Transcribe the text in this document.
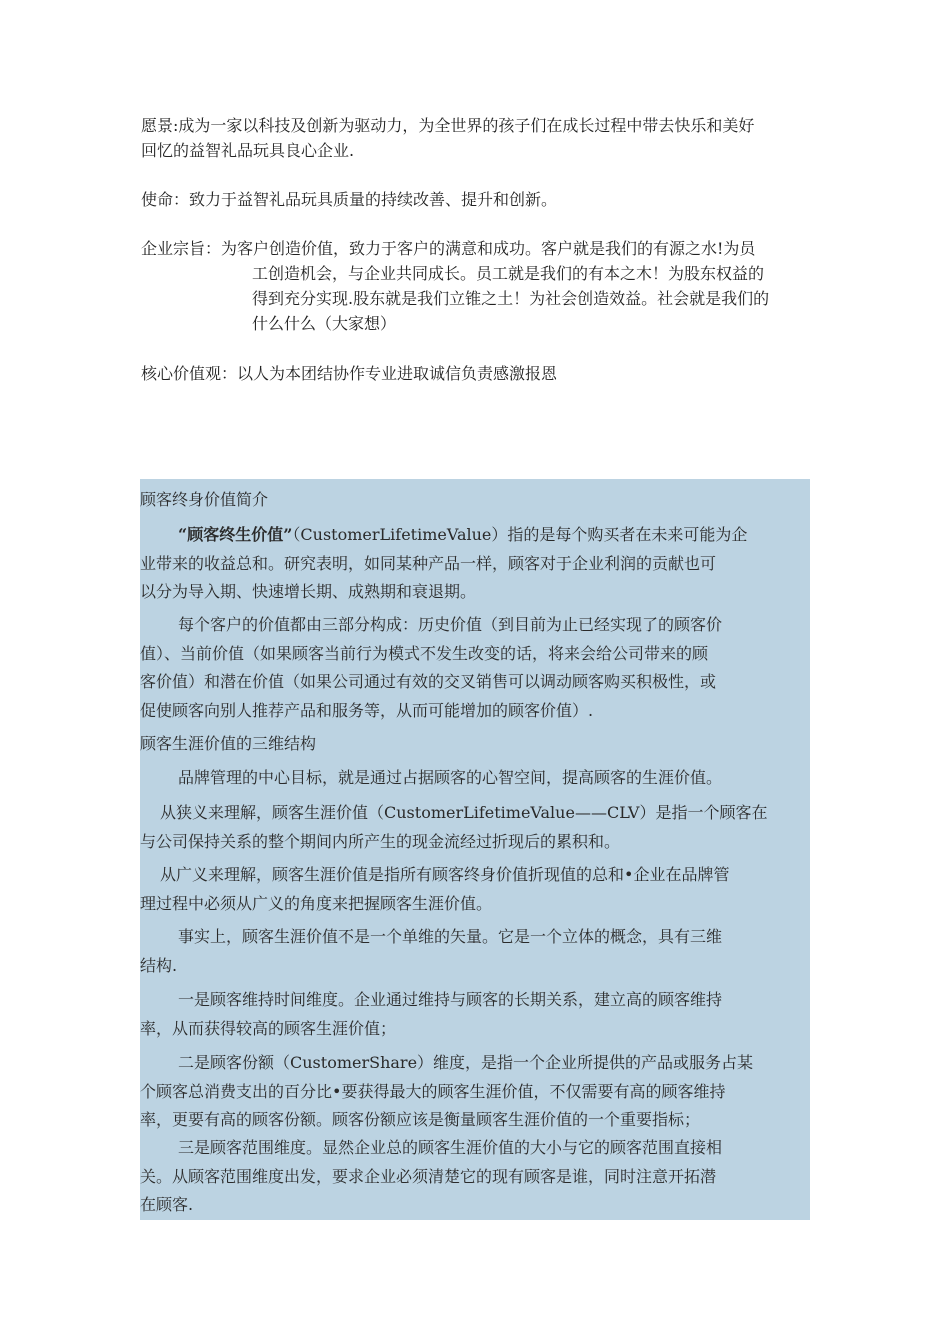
愿景:成为一家以科技及创新为驱动力，为全世界的孩子们在成长过程中带去快乐和美好
回忆的益智礼品玩具良心企业.
使命：致力于益智礼品玩具质量的持续改善、提升和创新。
企业宗旨：为客户创造价值，致力于客户的满意和成功。客户就是我们的有源之水!为员
工创造机会，与企业共同成长。员工就是我们的有本之木！为股东权益的
得到充分实现.股东就是我们立锥之土！为社会创造效益。社会就是我们的
什么什么（大家想）
核心价值观：以人为本团结协作专业进取诚信负责感激报恩
顾客终身价值简介
“顾客终生价值”（CustomerLifetimeValue）指的是每个购买者在未来可能为企
业带来的收益总和。研究表明，如同某种产品一样，顾客对于企业利润的贡献也可
以分为导入期、快速增长期、成熟期和衰退期。
每个客户的价值都由三部分构成：历史价值（到目前为止已经实现了的顾客价
值）、当前价值（如果顾客当前行为模式不发生改变的话，将来会给公司带来的顾
客价值）和潜在价值（如果公司通过有效的交叉销售可以调动顾客购买积极性，或
促使顾客向别人推荐产品和服务等，从而可能增加的顾客价值）.
顾客生涯价值的三维结构
品牌管理的中心目标，就是通过占据顾客的心智空间，提高顾客的生涯价值。
从狭义来理解，顾客生涯价值（CustomerLifetimeValue——CLV）是指一个顾客在
与公司保持关系的整个期间内所产生的现金流经过折现后的累积和。
从广义来理解，顾客生涯价值是指所有顾客终身价值折现值的总和•企业在品牌管
理过程中必须从广义的角度来把握顾客生涯价值。
事实上，顾客生涯价值不是一个单维的矢量。它是一个立体的概念，具有三维
结构.
一是顾客维持时间维度。企业通过维持与顾客的长期关系，建立高的顾客维持
率，从而获得较高的顾客生涯价值；
二是顾客份额（CustomerShare）维度，是指一个企业所提供的产品或服务占某
个顾客总消费支出的百分比•要获得最大的顾客生涯价值，不仅需要有高的顾客维持
率，更要有高的顾客份额。顾客份额应该是衡量顾客生涯价值的一个重要指标；
三是顾客范围维度。显然企业总的顾客生涯价值的大小与它的顾客范围直接相
关。从顾客范围维度出发，要求企业必须清楚它的现有顾客是谁，同时注意开拓潜
在顾客.
